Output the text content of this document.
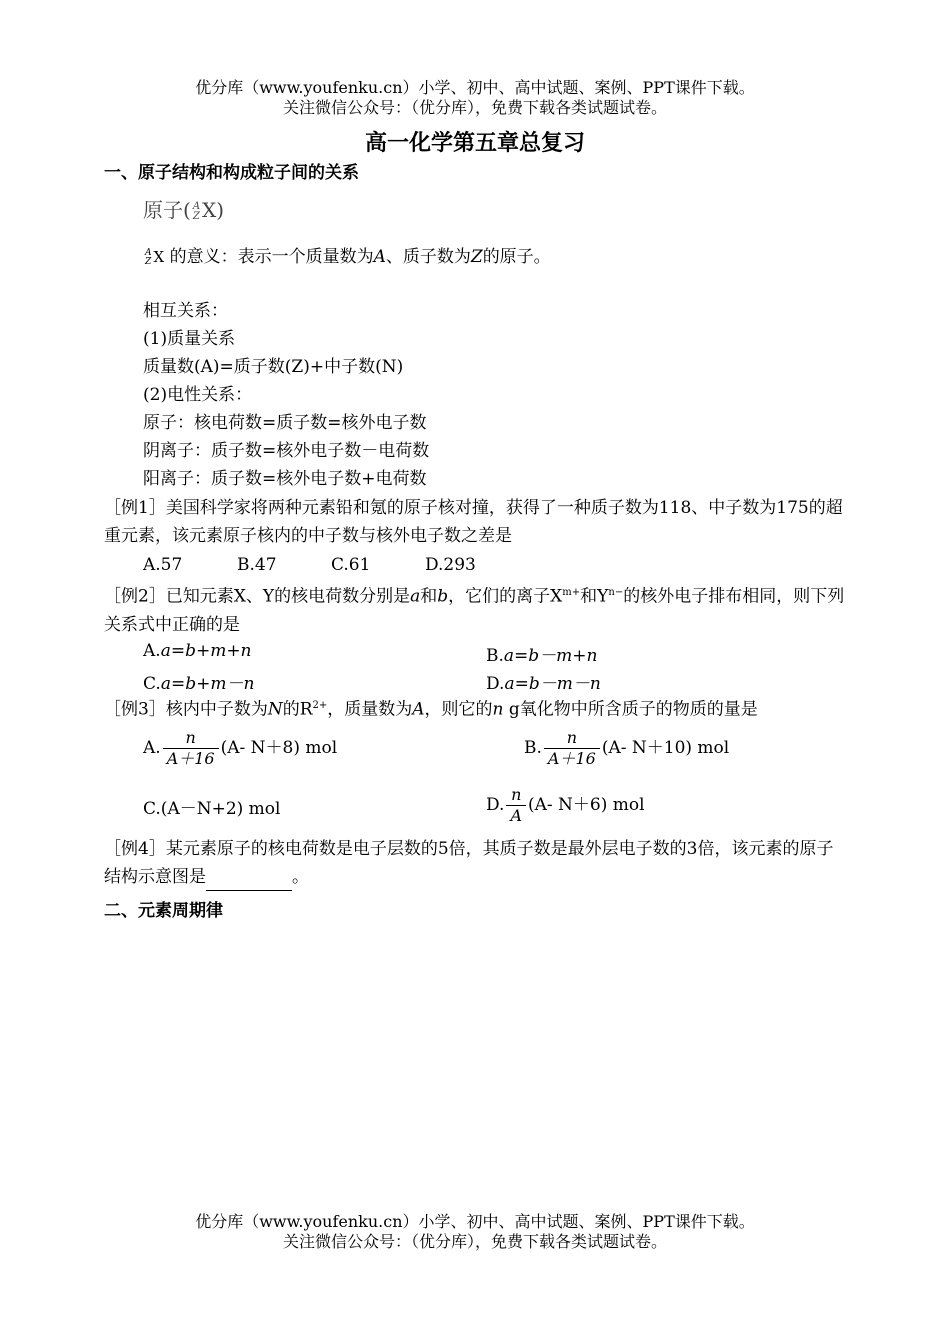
优分库（www.youfenku.cn）小学、初中、高中试题、案例、PPT课件下载。
关注微信公众号：（优分库），免费下载各类试题试卷。
高一化学第五章总复习
一、原子结构和构成粒子间的关系
原子( A
Z X)

A
Z X 的意义：表示一个质量数为A、质子数为Z的原子。
相互关系：
(1)质量关系
质量数(A)=质子数(Z)+中子数(N)
(2)电性关系：
原子：核电荷数=质子数=核外电子数
阴离子：质子数=核外电子数－电荷数
阳离子：质子数=核外电子数+电荷数
［例1］美国科学家将两种元素铅和氪的原子核对撞，获得了一种质子数为118、中子数为175的超重元素，该元素原子核内的中子数与核外电子数之差是
A.57	B.47	C.61	D.293
［例2］已知元素X、Y的核电荷数分别是a和b，它们的离子$X^{m+}$和$Y^{n-}$的核外电子排布相同，则下列关系式中正确的是
A.a=b+m+n	B.a=b－m+n
C.a=b+m－n	D.a=b－m－n
［例3］核内中子数为N的$R^{2+}$，质量数为A，则它的n g氧化物中所含质子的物质的量是
A. $\frac{n}{A+16} (A-$ N＋8) mol	B. $\frac{n}{A+16} (A-$ N＋10) mol
C.(A－N+2) mol	D. $\frac{n}{A} (A-$ N＋6) mol
［例4］某元素原子的核电荷数是电子层数的5倍，其质子数是最外层电子数的3倍，该元素的原子结构示意图是	。
二、元素周期律
优分库（www.youfenku.cn）小学、初中、高中试题、案例、PPT课件下载。
关注微信公众号：（优分库），免费下载各类试题试卷。
